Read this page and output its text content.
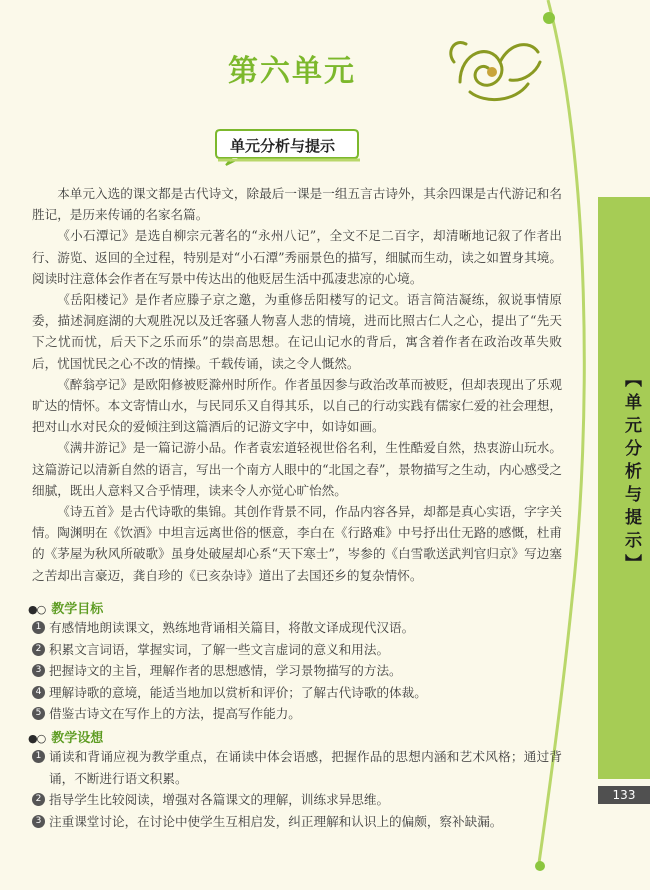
第六单元
单元分析与提示

本单元入选的课文都是古代诗文，除最后一课是一组五言古诗外，其余四课是古代游记和名胜记，是历来传诵的名家名篇。

《小石潭记》是选自柳宗元著名的“永州八记”，全文不足二百字，却清晰地记叙了作者出行、游览、返回的全过程，特别是对“小石潭”秀丽景色的描写，细腻而生动，读之如置身其境。阅读时注意体会作者在写景中传达出的他贬居生活中孤凄悲凉的心境。

《岳阳楼记》是作者应滕子京之邀，为重修岳阳楼写的记文。语言简洁凝练，叙说事情原委，描述洞庭湖的大观胜况以及迁客骚人物喜人悲的情境，进而比照古仁人之心，提出了“先天下之忧而忧，后天下之乐而乐”的崇高思想。在记山记水的背后，寓含着作者在政治改革失败后，忧国忧民之心不改的情操。千载传诵，读之令人慨然。

《醉翁亭记》是欧阳修被贬滁州时所作。作者虽因参与政治改革而被贬，但却表现出了乐观旷达的情怀。本文寄情山水，与民同乐又自得其乐，以自己的行动实践有儒家仁爱的社会理想，把对山水对民众的爱倾注到这篇酒后的记游文字中，如诗如画。

《满井游记》是一篇记游小品。作者袁宏道轻视世俗名利，生性酷爱自然，热衷游山玩水。这篇游记以清新自然的语言，写出一个南方人眼中的“北国之春”，景物描写之生动，内心感受之细腻，既出人意料又合乎情理，读来令人亦觉心旷怡然。

《诗五首》是古代诗歌的集锦。其创作背景不同，作品内容各异，却都是真心实语，字字关情。陶渊明在《饮酒》中坦言远离世俗的惬意，李白在《行路难》中号抒出仕无路的感慨，杜甫的《茅屋为秋风所破歌》虽身处破屋却心系“天下寒士”，岑参的《白雪歌送武判官归京》写边塞之苦却出言豪迈，龚自珍的《已亥杂诗》道出了去国还乡的复杂情怀。

●○ 教学目标
1 有感情地朗读课文，熟练地背诵相关篇目，将散文译成现代汉语。
2 积累文言词语，掌握实词，了解一些文言虚词的意义和用法。
3 把握诗文的主旨，理解作者的思想感情，学习景物描写的方法。
4 理解诗歌的意境，能适当地加以赏析和评价；了解古代诗歌的体裁。
5 借鉴古诗文在写作上的方法，提高写作能力。
●○ 教学设想
1 诵读和背诵应视为教学重点，在诵读中体会语感，把握作品的思想内涵和艺术风格；通过背诵，不断进行语文积累。
2 指导学生比较阅读，增强对各篇课文的理解，训练求异思维。
3 注重课堂讨论，在讨论中使学生互相启发，纠正理解和认识上的偏颇，察补缺漏。
【单元分析与提示】
133
